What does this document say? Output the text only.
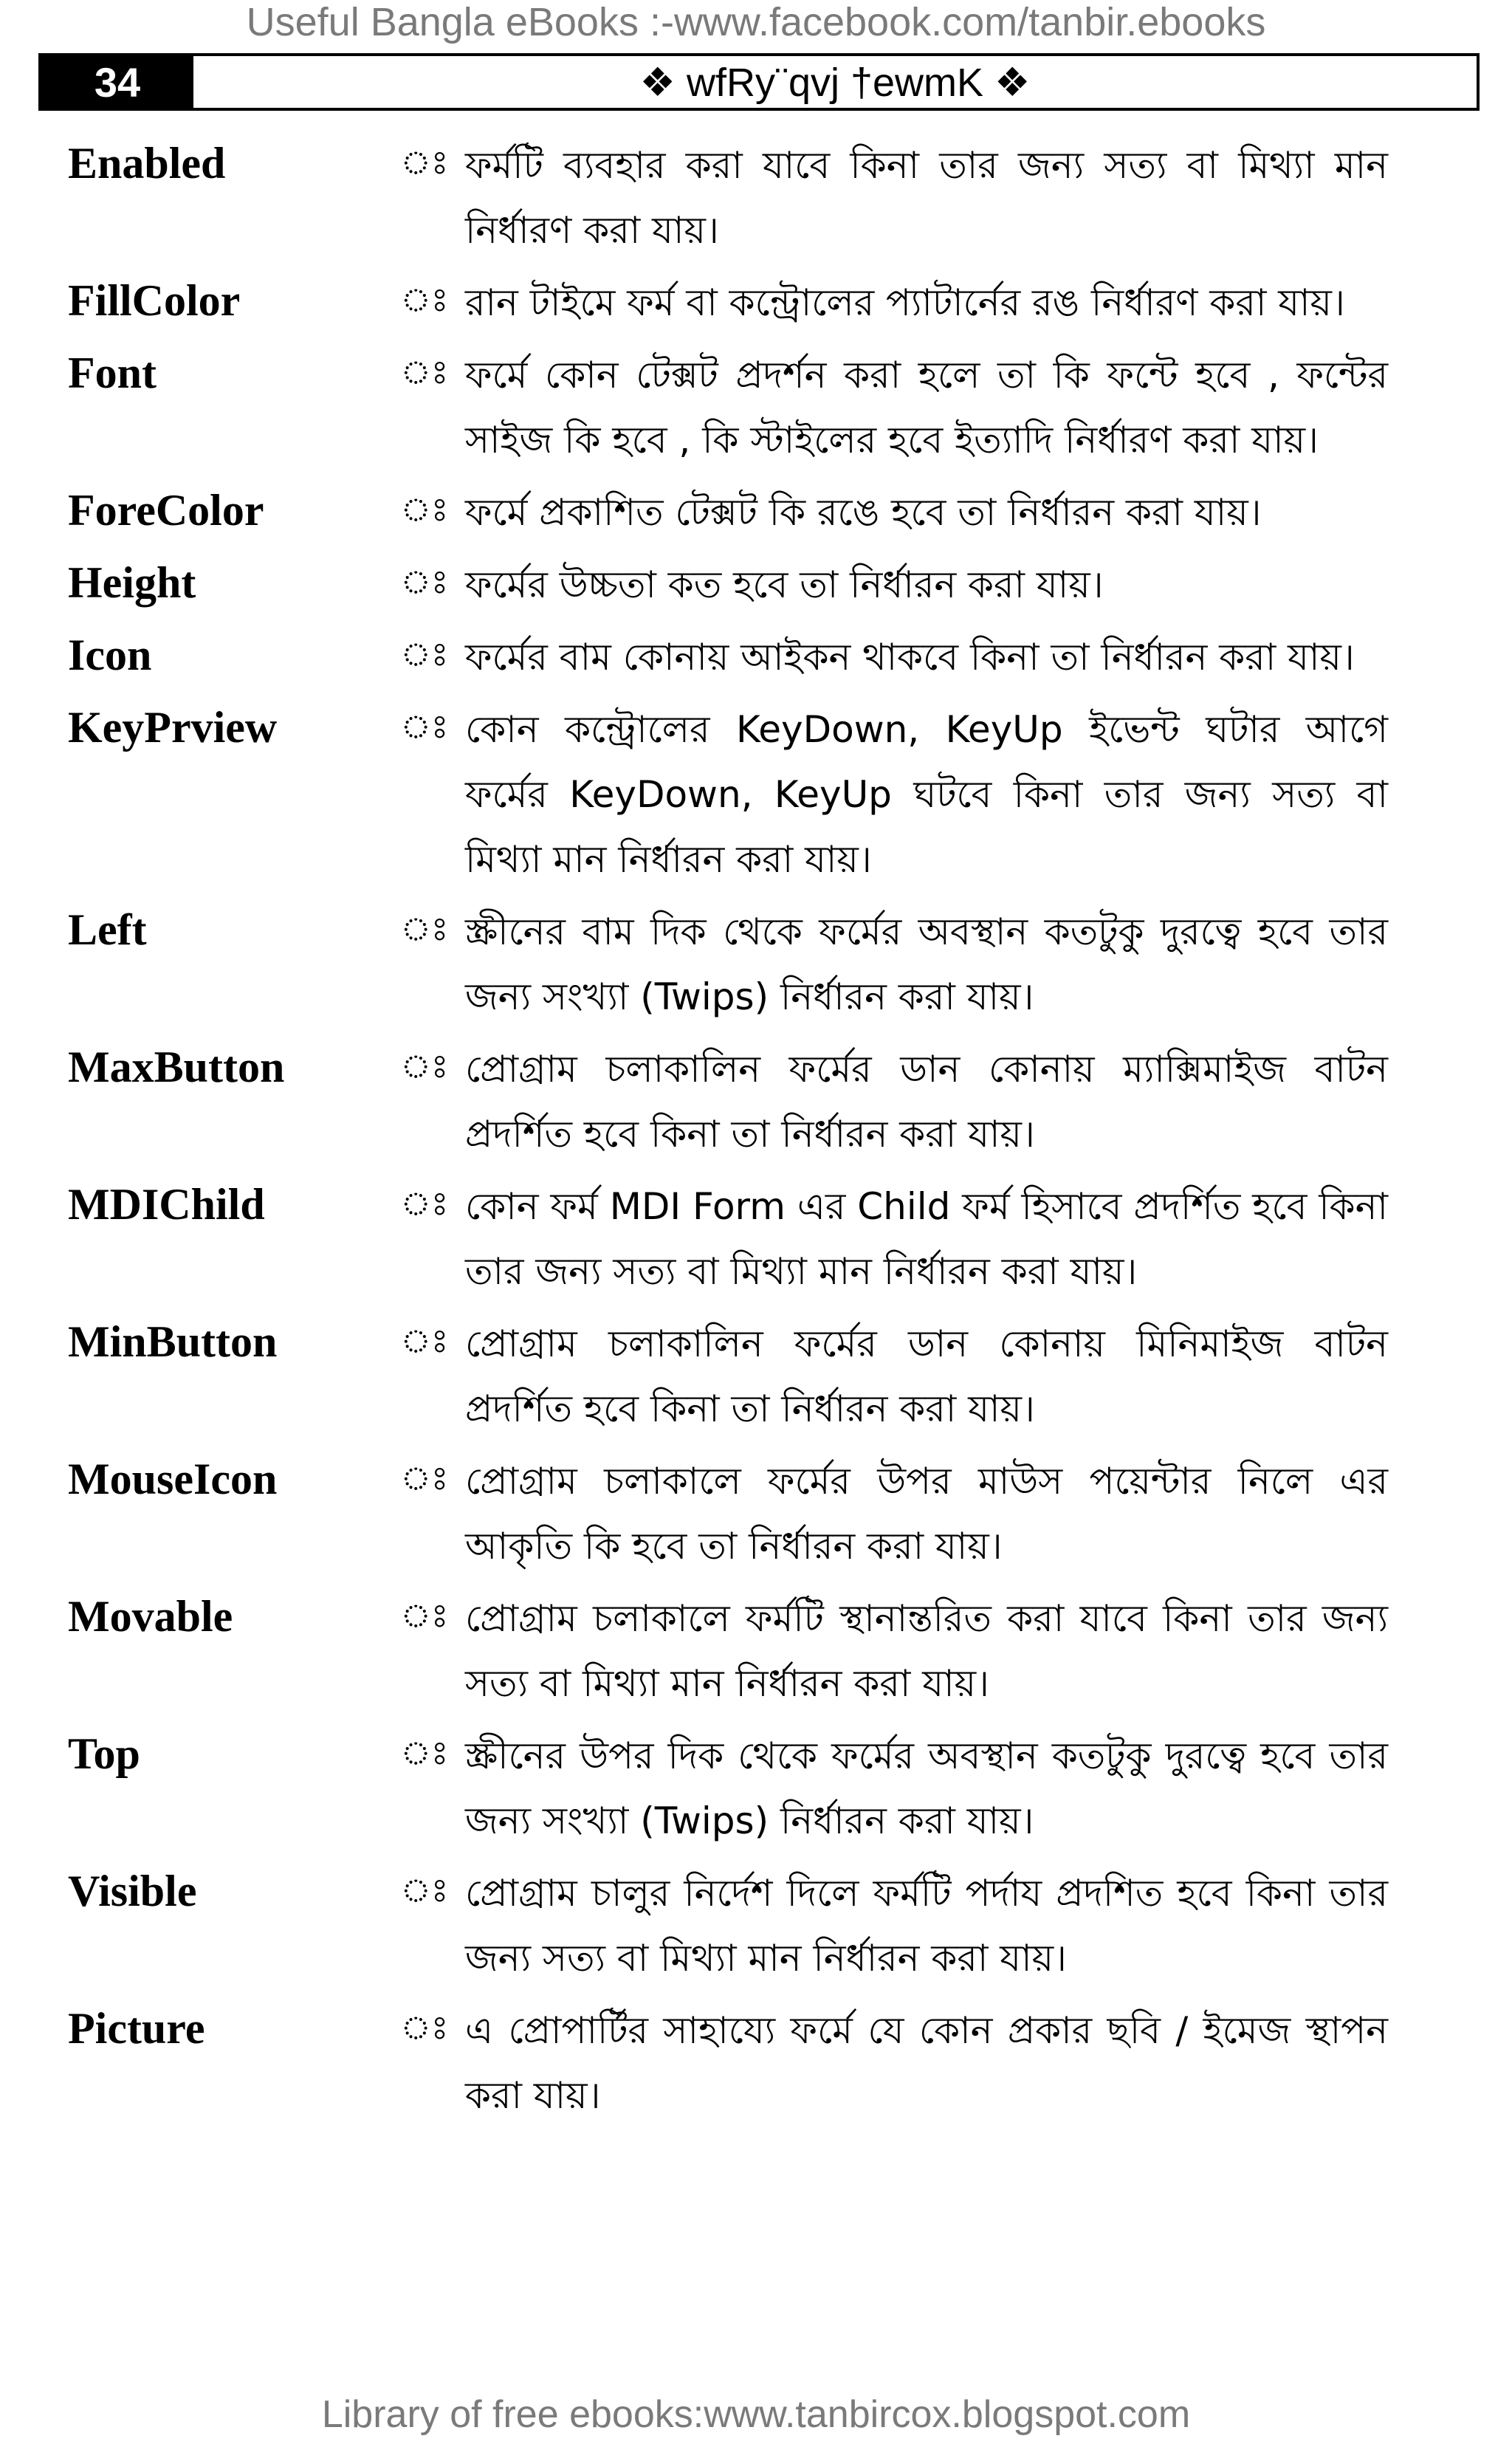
Useful Bangla eBooks :-www.facebook.com/tanbir.ebooks
34	❖ wfRy¨qvj †ewmK ❖
Enabled	ঃ ফর্মটি ব্যবহার করা যাবে কিনা তার জন্য সত্য বা মিথ্যা মান নির্ধারণ করা যায়।
FillColor	ঃ রান টাইমে ফর্ম বা কন্ট্রোলের প্যাটার্নের রঙ নির্ধারণ করা যায়।
Font	ঃ ফর্মে কোন টেক্সট প্রদর্শন করা হলে তা কি ফন্টে হবে , ফন্টের সাইজ কি হবে , কি স্টাইলের হবে ইত্যাদি নির্ধারণ করা যায়।
ForeColor	ঃ ফর্মে প্রকাশিত টেক্সট কি রঙে হবে তা নির্ধারন করা যায়।
Height	ঃ ফর্মের উচ্চতা কত হবে তা নির্ধারন করা যায়।
Icon	ঃ ফর্মের বাম কোনায় আইকন থাকবে কিনা তা নির্ধারন করা যায়।
KeyPrview	ঃ কোন কন্ট্রোলের KeyDown, KeyUp ইভেন্ট ঘটার আগে ফর্মের KeyDown, KeyUp ঘটবে কিনা তার জন্য সত্য বা মিথ্যা মান নির্ধারন করা যায়।
Left	ঃ স্ক্রীনের বাম দিক থেকে ফর্মের অবস্থান কতটুকু দুরত্বে হবে তার জন্য সংখ্যা (Twips) নির্ধারন করা যায়।
MaxButton	ঃ প্রোগ্রাম চলাকালিন ফর্মের ডান কোনায় ম্যাক্সিমাইজ বাটন প্রদর্শিত হবে কিনা তা নির্ধারন করা যায়।
MDIChild	ঃ কোন ফর্ম MDI Form এর Child ফর্ম হিসাবে প্রদর্শিত হবে কিনা তার জন্য সত্য বা মিথ্যা মান নির্ধারন করা যায়।
MinButton	ঃ প্রোগ্রাম চলাকালিন ফর্মের ডান কোনায় মিনিমাইজ বাটন প্রদর্শিত হবে কিনা তা নির্ধারন করা যায়।
MouseIcon	ঃ প্রোগ্রাম চলাকালে ফর্মের উপর মাউস পয়েন্টার নিলে এর আকৃতি কি হবে তা নির্ধারন করা যায়।
Movable	ঃ প্রোগ্রাম চলাকালে ফর্মটি স্থানান্তরিত করা যাবে কিনা তার জন্য সত্য বা মিথ্যা মান নির্ধারন করা যায়।
Top	ঃ স্ক্রীনের উপর দিক থেকে ফর্মের অবস্থান কতটুকু দুরত্বে হবে তার জন্য সংখ্যা (Twips) নির্ধারন করা যায়।
Visible	ঃ প্রোগ্রাম চালুর নির্দেশ দিলে ফর্মটি পর্দায প্রদশিত হবে কিনা তার জন্য সত্য বা মিথ্যা মান নির্ধারন করা যায়।
Picture	ঃ এ প্রোপার্টির সাহায্যে ফর্মে যে কোন প্রকার ছবি / ইমেজ স্থাপন করা যায়।
Library of free ebooks:www.tanbircox.blogspot.com
